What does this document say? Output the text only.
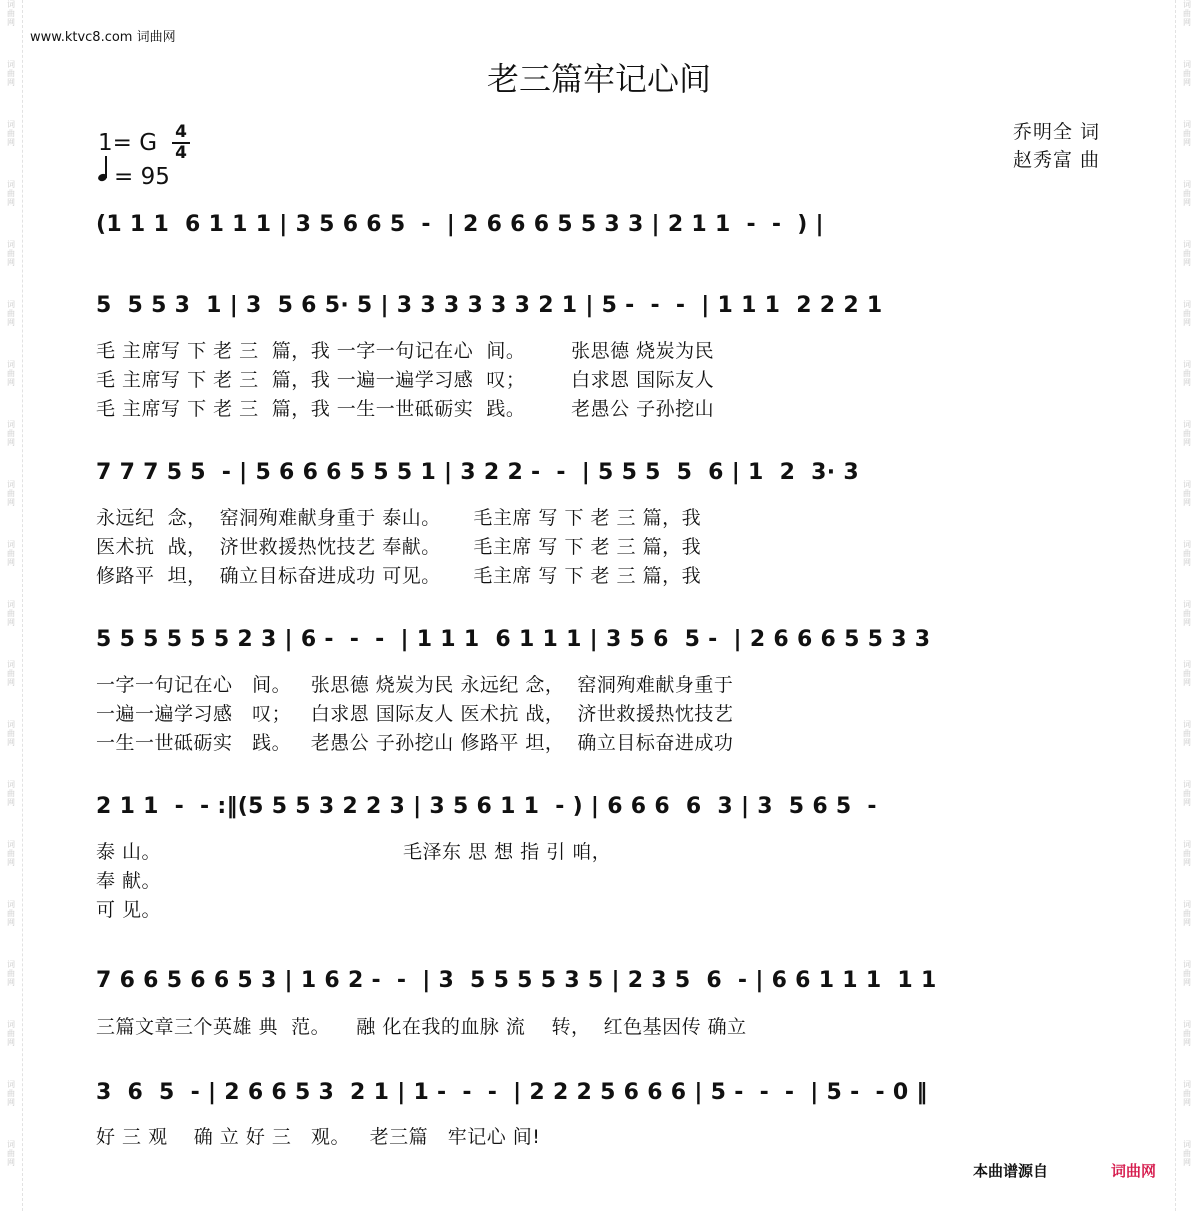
词
曲
网
词
曲
网
词
曲
网
词
曲
网
词
曲
网
词
曲
网
词
曲
网
词
曲
网
词
曲
网
词
曲
网
词
曲
网
词
曲
网
词
曲
网
词
曲
网
词
曲
网
词
曲
网
词
曲
网
词
曲
网
词
曲
网
词
曲
网
词
曲
网
词
曲
网
词
曲
网
词
曲
网
词
曲
网
词
曲
网
词
曲
网
词
曲
网
词
曲
网
词
曲
网
词
曲
网
词
曲
网
词
曲
网
词
曲
网
词
曲
网
词
曲
网
词
曲
网
词
曲
网
词
曲
网
词
曲
网
www.ktvc8.com 词曲网
老三篇牢记心间
1= G 4
4
= 95
乔明全 词
赵秀富 曲
(1 1 1  6 1 1 1 | 3 5 6 6 5  -  | 2 6 6 6 5 5 3 3 | 2 1 1  -  -  ) |
5  5 5 3  1 | 3  5 6 5· 5 | 3 3 3 3 3 3 2 1 | 5 -  -  -  | 1 1 1  2 2 2 1
毛 主席写 下 老 三  篇，我 一字一句记在心  间。       张思德 烧炭为民
毛 主席写 下 老 三  篇，我 一遍一遍学习感  叹；       白求恩 国际友人
毛 主席写 下 老 三  篇，我 一生一世砥砺实  践。       老愚公 子孙挖山
7 7 7 5 5  - | 5 6 6 6 5 5 5 1 | 3 2 2 -  -  | 5 5 5  5  6 | 1  2  3· 3
永远纪  念，  窑洞殉难献身重于 泰山。     毛主席 写 下 老 三 篇，我
医术抗  战，  济世救援热忱技艺 奉献。     毛主席 写 下 老 三 篇，我
修路平  坦，  确立目标奋进成功 可见。     毛主席 写 下 老 三 篇，我
5 5 5 5 5 5 2 3 | 6 -  -  -  | 1 1 1  6 1 1 1 | 3 5 6  5 -  | 2 6 6 6 5 5 3 3
一字一句记在心   间。   张思德 烧炭为民 永远纪 念，  窑洞殉难献身重于
一遍一遍学习感   叹；   白求恩 国际友人 医术抗 战，  济世救援热忱技艺
一生一世砥砺实   践。   老愚公 子孙挖山 修路平 坦，  确立目标奋进成功
2 1 1  -  - :‖(5 5 5 3 2 2 3 | 3 5 6 1 1  - ) | 6 6 6  6  3 | 3  5 6 5  -
泰 山。                                     毛泽东 思 想 指 引 咱，
奉 献。
可 见。
7 6 6 5 6 6 5 3 | 1 6 2 -  -  | 3  5 5 5 5 3 5 | 2 3 5  6  - | 6 6 1 1 1  1 1
三篇文章三个英雄 典  范。    融 化在我的血脉 流    转，  红色基因传 确立
3  6  5  - | 2 6 6 5 3  2 1 | 1 -  -  -  | 2 2 2 5 6 6 6 | 5 -  -  -  | 5 -  - 0 ‖
好 三 观    确 立 好 三   观。   老三篇   牢记心 间!
本曲谱源自	词曲网
